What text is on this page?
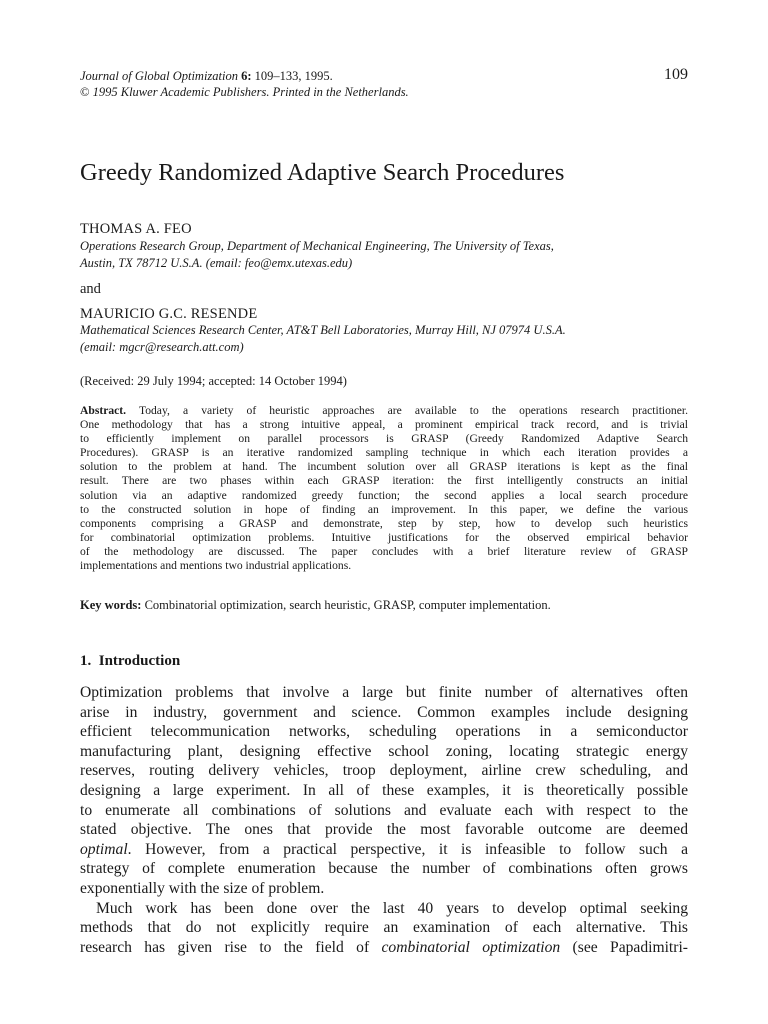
Journal of Global Optimization 6: 109–133, 1995.
© 1995 Kluwer Academic Publishers. Printed in the Netherlands.
109
Greedy Randomized Adaptive Search Procedures
THOMAS A. FEO
Operations Research Group, Department of Mechanical Engineering, The University of Texas,
Austin, TX 78712 U.S.A. (email: feo@emx.utexas.edu)
and
MAURICIO G.C. RESENDE
Mathematical Sciences Research Center, AT&T Bell Laboratories, Murray Hill, NJ 07974 U.S.A.
(email: mgcr@research.att.com)
(Received: 29 July 1994; accepted: 14 October 1994)
Abstract. Today, a variety of heuristic approaches are available to the operations research practitioner.
One methodology that has a strong intuitive appeal, a prominent empirical track record, and is trivial
to efficiently implement on parallel processors is GRASP (Greedy Randomized Adaptive Search
Procedures). GRASP is an iterative randomized sampling technique in which each iteration provides a
solution to the problem at hand. The incumbent solution over all GRASP iterations is kept as the final
result. There are two phases within each GRASP iteration: the first intelligently constructs an initial
solution via an adaptive randomized greedy function; the second applies a local search procedure
to the constructed solution in hope of finding an improvement. In this paper, we define the various
components comprising a GRASP and demonstrate, step by step, how to develop such heuristics
for combinatorial optimization problems. Intuitive justifications for the observed empirical behavior
of the methodology are discussed. The paper concludes with a brief literature review of GRASP
implementations and mentions two industrial applications.
Key words: Combinatorial optimization, search heuristic, GRASP, computer implementation.
1. Introduction
Optimization problems that involve a large but finite number of alternatives often
arise in industry, government and science. Common examples include designing
efficient telecommunication networks, scheduling operations in a semiconductor
manufacturing plant, designing effective school zoning, locating strategic energy
reserves, routing delivery vehicles, troop deployment, airline crew scheduling, and
designing a large experiment. In all of these examples, it is theoretically possible
to enumerate all combinations of solutions and evaluate each with respect to the
stated objective. The ones that provide the most favorable outcome are deemed
optimal. However, from a practical perspective, it is infeasible to follow such a
strategy of complete enumeration because the number of combinations often grows
exponentially with the size of problem.
Much work has been done over the last 40 years to develop optimal seeking
methods that do not explicitly require an examination of each alternative. This
research has given rise to the field of combinatorial optimization (see Papadimitri-
